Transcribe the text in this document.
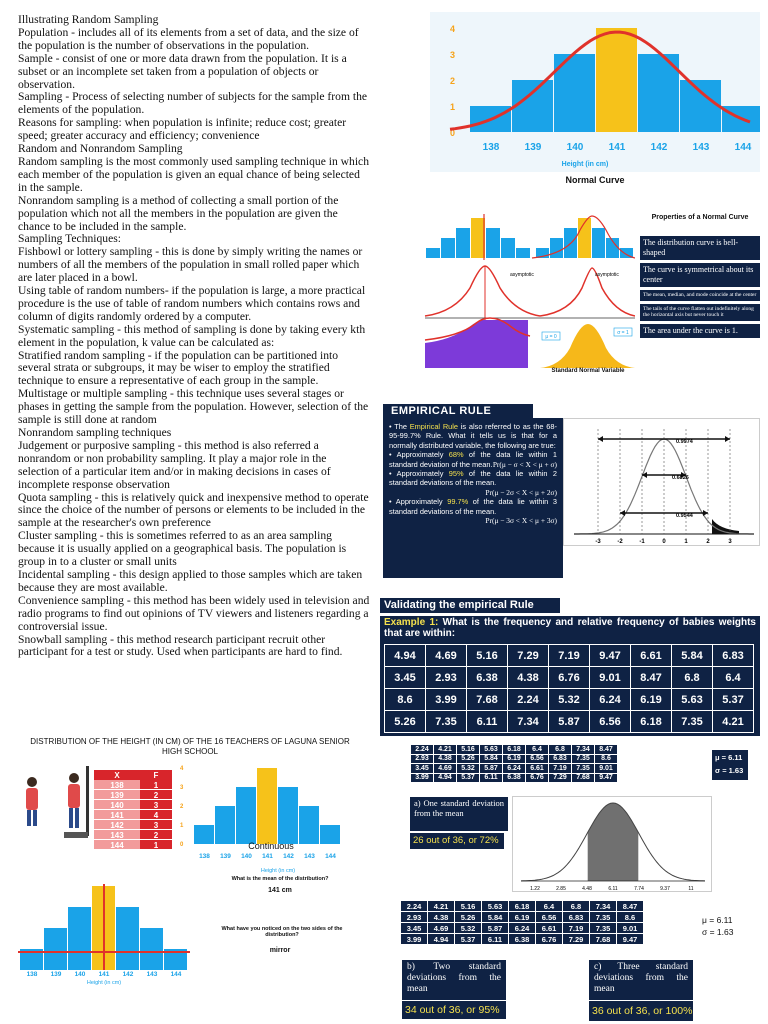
Illustrating Random Sampling

Population - includes all of its elements from a set of data, and the size of the population is the number of observations in the population.

Sample - consist of one or more data drawn from the population. It is a subset or an incomplete set taken from a population of objects or observation.

Sampling - Process of selecting number of subjects for the sample from the elements of the population.

Reasons for sampling: when population is infinite; reduce cost; greater speed; greater accuracy and efficiency; convenience

Random and Nonrandom Sampling

Random sampling is the most commonly used sampling technique in which each member of the population is given an equal chance of being selected in the sample.

Nonrandom sampling is a method of collecting a small portion of the population which not all the members in the population are given the chance to be included in the sample.

Sampling Techniques:

Fishbowl or lottery sampling - this is done by simply writing the names or numbers of all the members of the population in small rolled paper which are later placed in a bowl.

Using table of random numbers- if the population is large, a more practical procedure is the use of table of random numbers which contains rows and column of digits randomly ordered by a computer.

Systematic sampling - this method of sampling is done by taking every kth element in the population, k value can be calculated as:

Stratified random sampling - if the population can be partitioned into several strata or subgroups, it may be wiser to employ the stratified technique to ensure a representative of each group in the sample.

Multistage or multiple sampling - this technique uses several stages or phases in getting the sample from the population. However, selection of the sample is still done at random

Nonrandom sampling techniques

Judgement or purposive sampling - this method is also referred a nonrandom or non probability sampling. It play a major role in the selection of a particular item and/or in making decisions in cases of incomplete response observation

Quota sampling - this is relatively quick and inexpensive method to operate since the choice of the number of persons or elements to be included in the sample at the researcher's own preference

Cluster sampling - this is sometimes referred to as an area sampling because it is usually applied on a geographical basis. The population is group in to a cluster or small units

Incidental sampling - this design applied to those samples which are taken because they are most available.

Convenience sampling - this method has been widely used in television and radio programs to find out opinions of TV viewers and listeners regarding a controversial issue.

Snowball sampling - this method research participant recruit other participant for a test or study. Used when participants are hard to find.

0
1
2
3
4
138	139	140	141	142	143	144
Height (in cm)
Normal Curve
asymptotic	asymptotic
μ = 0
σ = 1
Standard Normal Variable
Properties of a Normal Curve
The distribution curve is bell-shaped
The curve is symmetrical about its center
The mean, median, and mode coincide at the center
The tails of the curve flatten out indefinitely along the horizontal axis but never touch it
The area under the curve is 1.
EMPIRICAL RULE
• The Empirical Rule is also referred to as the 68-95-99.7% Rule. What it tells us is that for a normally distributed variable, the following are true:
• Approximately 68% of the data lie within 1 standard deviation of the mean. Pr(μ − σ < X < μ + σ)
• Approximately 95% of the data lie within 2 standard deviations of the mean.
Pr(μ − 2σ < X < μ + 2σ)
• Approximately 99.7% of the data lie within 3 standard deviations of the mean.
Pr(μ − 3σ < X < μ + 3σ)
0.9974
0.6826
0.9544
-3	-2	-1	0	1	2	3
Validating the empirical Rule
Example 1: What is the frequency and relative frequency of babies weights that are within:
4.94	4.69	5.16	7.29	7.19	9.47	6.61	5.84	6.83
3.45	2.93	6.38	4.38	6.76	9.01	8.47	6.8	6.4
8.6	3.99	7.68	2.24	5.32	6.24	6.19	5.63	5.37
5.26	7.35	6.11	7.34	5.87	6.56	6.18	7.35	4.21
2.24	4.21	5.16	5.63	6.18	6.4	6.8	7.34	8.47
2.93	4.38	5.26	5.84	6.19	6.56	6.83	7.35	8.6
3.45	4.69	5.32	5.87	6.24	6.61	7.19	7.35	9.01
3.99	4.94	5.37	6.11	6.38	6.76	7.29	7.68	9.47
μ = 6.11
σ = 1.63
a) One standard deviation from the mean
26 out of 36, or 72%
1.22	2.85	4.48	6.11	7.74	9.37	11
2.24	4.21	5.16	5.63	6.18	6.4	6.8	7.34	8.47
2.93	4.38	5.26	5.84	6.19	6.56	6.83	7.35	8.6
3.45	4.69	5.32	5.87	6.24	6.61	7.19	7.35	9.01
3.99	4.94	5.37	6.11	6.38	6.76	7.29	7.68	9.47
μ = 6.11
σ = 1.63
b) Two standard deviations from the mean
34 out of 36, or 95%
c) Three standard deviations from the mean
36 out of 36, or 100%
DISTRIBUTION OF THE HEIGHT (IN CM) OF THE 16 TEACHERS OF LAGUNA SENIOR HIGH SCHOOL
X	F
138	1
139	2
140	3
141	4
142	3
143	2
144	1
4
3
2
1
0
138 139 140 141 142 143 144
Height (in cm)
Continuous
138 139 140 141 142 143 144
Height (in cm)
What is the mean of the distribution?
141 cm
What have you noticed on the two sides of the distribution?
mirror
